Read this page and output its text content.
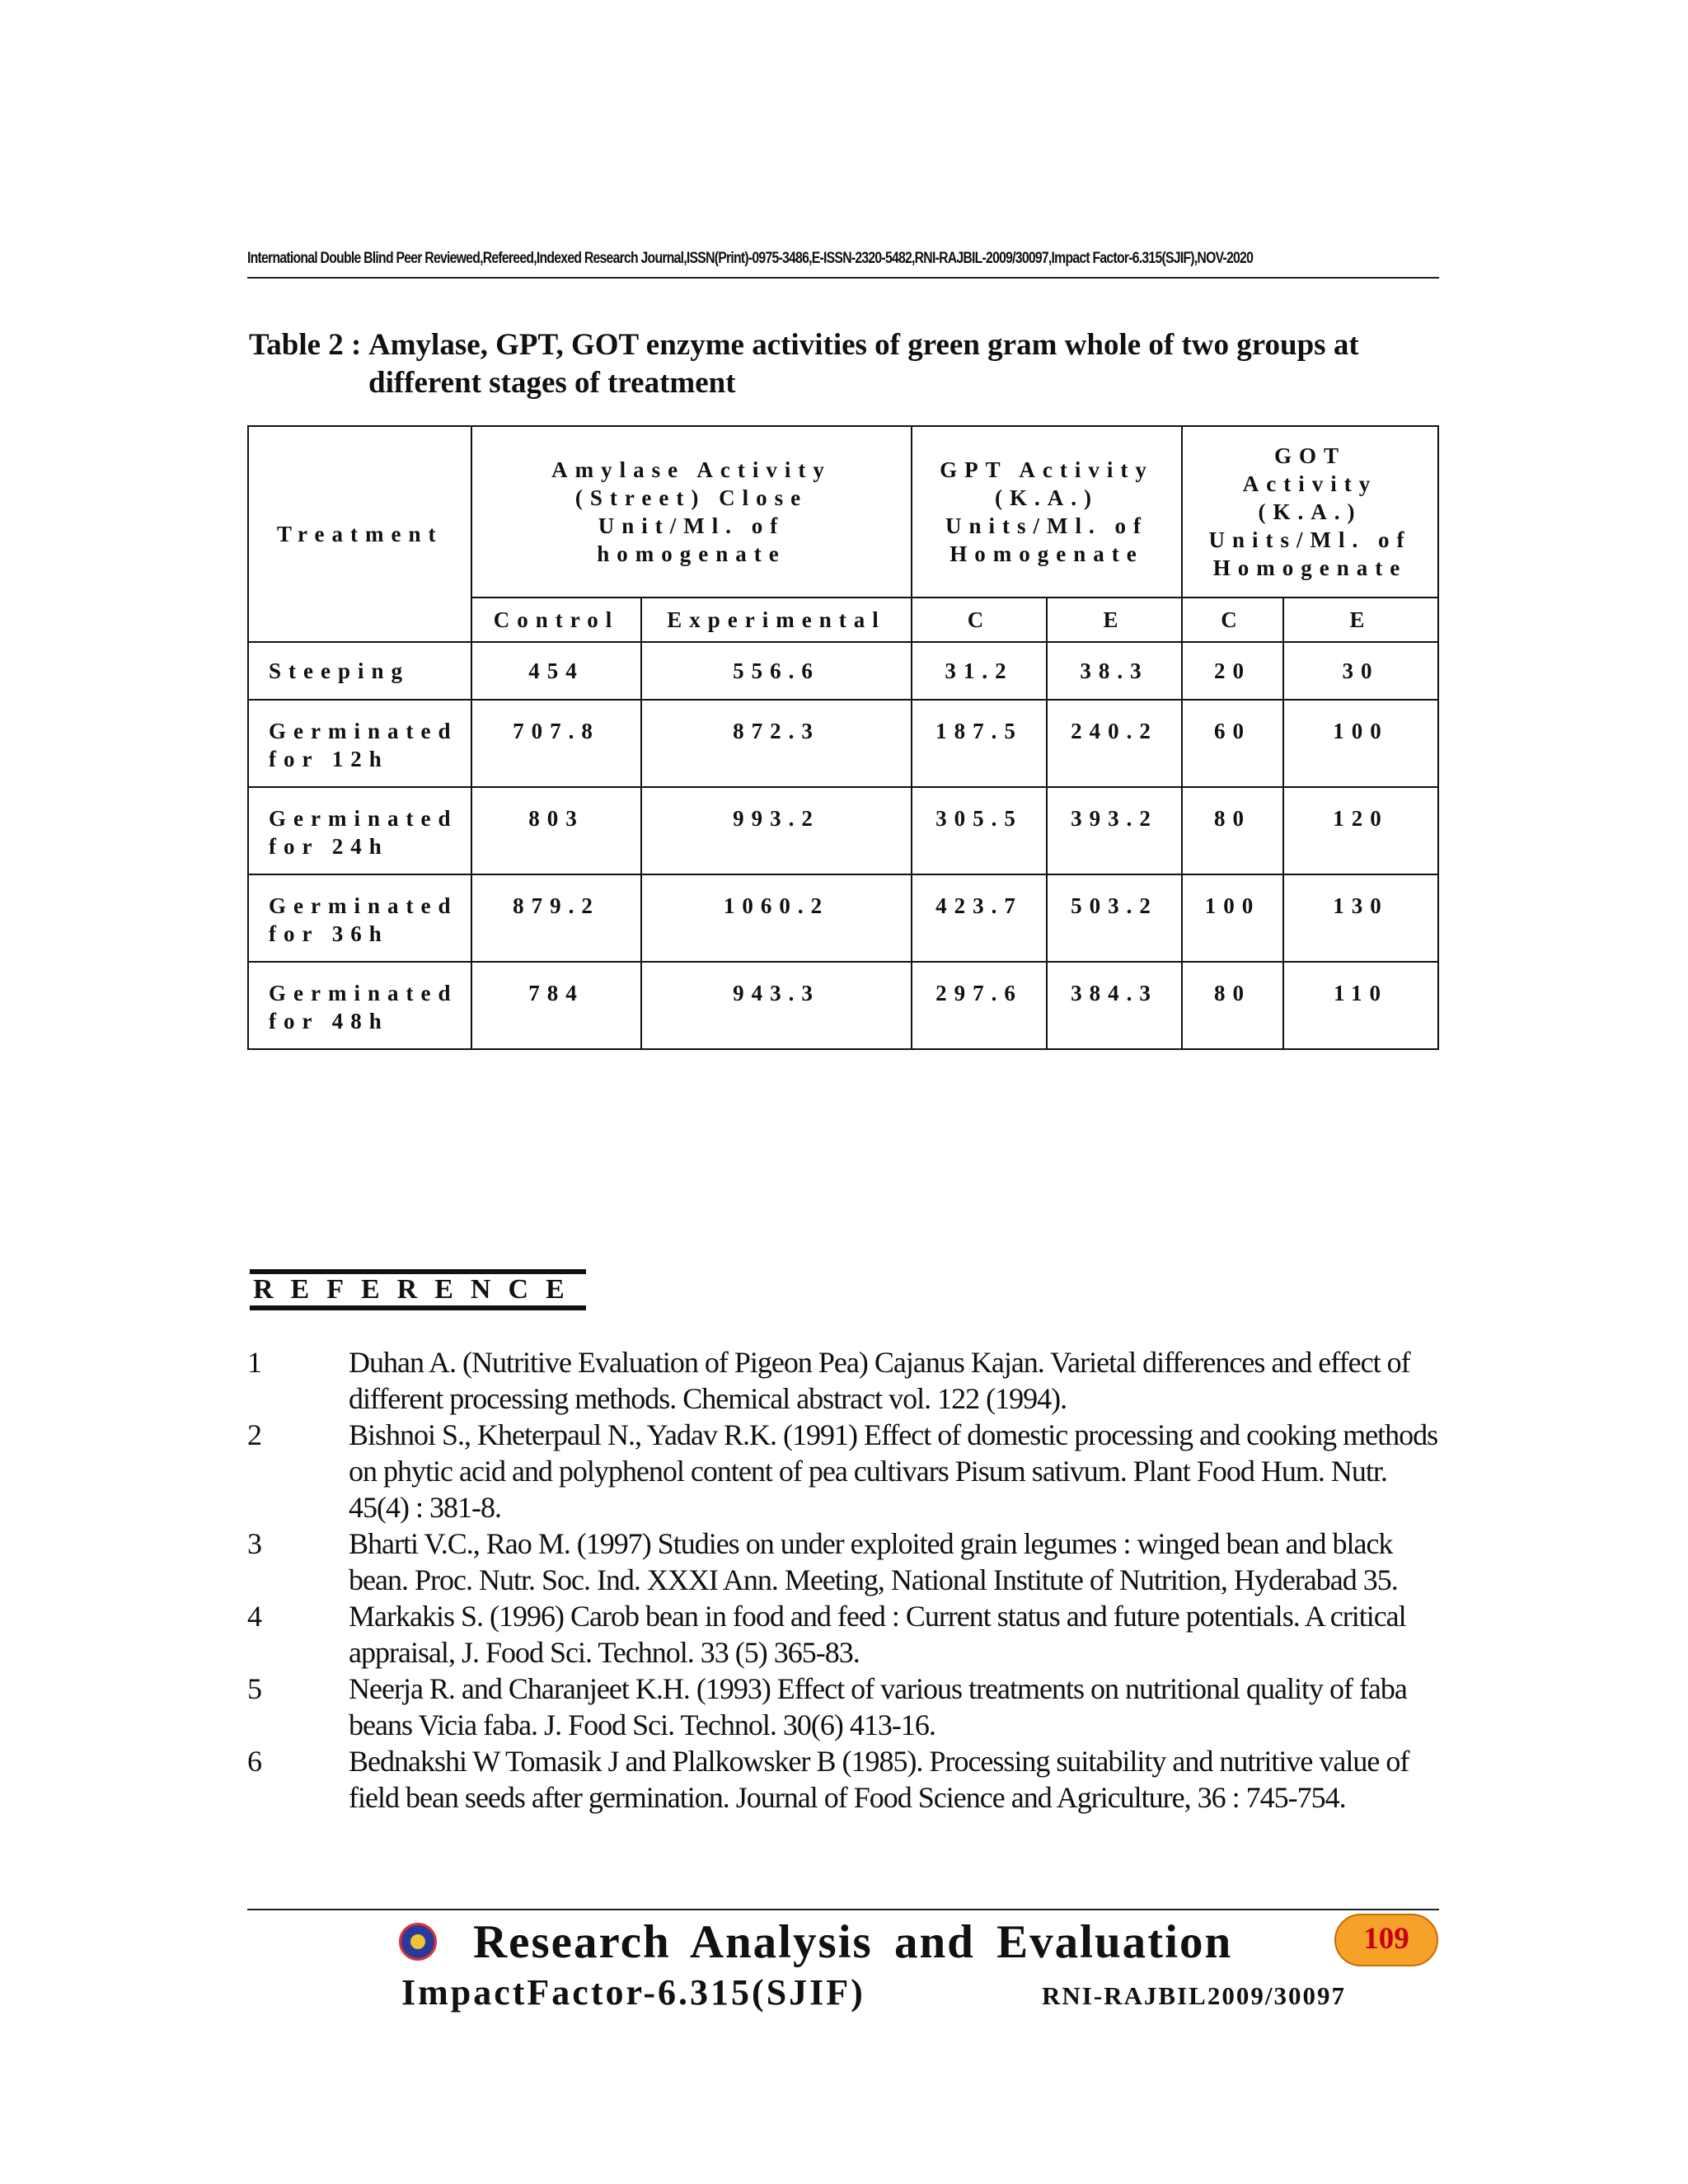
International Double Blind Peer Reviewed,Refereed,Indexed Research Journal,ISSN(Print)-0975-3486,E-ISSN-2320-5482,RNI-RAJBIL-2009/30097,Impact Factor-6.315(SJIF),NOV-2020
Table 2 : Amylase, GPT, GOT enzyme activities of green gram whole of two groups at different stages of treatment
Treatment	Amylase Activity (Street) Close Unit/Ml. of homogenate		GPT Activity (K.A.) Units/Ml. of Homogenate		GOT Activity (K.A.) Units/Ml. of Homogenate	
	Control	Experimental	C	E	C	E
Steeping	454	556.6	31.2	38.3	20	30
Germinated for 12h	707.8	872.3	187.5	240.2	60	100
Germinated for 24h	803	993.2	305.5	393.2	80	120
Germinated for 36h	879.2	1060.2	423.7	503.2	100	130
Germinated for 48h	784	943.3	297.6	384.3	80	110
REFERENCE
1	Duhan A. (Nutritive Evaluation of Pigeon Pea) Cajanus Kajan. Varietal differences and effect of different processing methods. Chemical abstract vol. 122 (1994).
2	Bishnoi S., Kheterpaul N., Yadav R.K. (1991) Effect of domestic processing and cooking methods on phytic acid and polyphenol content of pea cultivars Pisum sativum. Plant Food Hum. Nutr. 45(4) : 381-8.
3	Bharti V.C., Rao M. (1997) Studies on under exploited grain legumes : winged bean and black bean. Proc. Nutr. Soc. Ind. XXXI Ann. Meeting, National Institute of Nutrition, Hyderabad 35.
4	Markakis S. (1996) Carob bean in food and feed : Current status and future potentials. A critical appraisal, J. Food Sci. Technol. 33 (5) 365-83.
5	Neerja R. and Charanjeet K.H. (1993) Effect of various treatments on nutritional quality of faba beans Vicia faba. J. Food Sci. Technol. 30(6) 413-16.
6	Bednakshi W Tomasik J and Plalkowsker B (1985). Processing suitability and nutritive value of field bean seeds after germination. Journal of Food Science and Agriculture, 36 : 745-754.
Research Analysis and Evaluation	109
ImpactFactor-6.315(SJIF)	RNI-RAJBIL2009/30097
